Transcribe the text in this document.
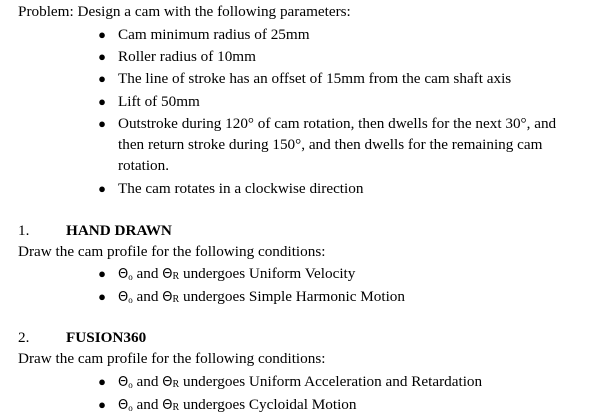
Problem: Design a cam with the following parameters:
● Cam minimum radius of 25mm
● Roller radius of 10mm
● The line of stroke has an offset of 15mm from the cam shaft axis
● Lift of 50mm
● Outstroke during 120° of cam rotation, then dwells for the next 30°, and
then return stroke during 150°, and then dwells for the remaining cam
rotation.
● The cam rotates in a clockwise direction
1. HAND DRAWN
Draw the cam profile for the following conditions:
● $\Theta_o$ and ΘR undergoes Uniform Velocity
● $\Theta_o$ and ΘR undergoes Simple Harmonic Motion
2. FUSION360
Draw the cam profile for the following conditions:
● $\Theta_o$ and ΘR undergoes Uniform Acceleration and Retardation
● $\Theta_o$ and ΘR undergoes Cycloidal Motion
